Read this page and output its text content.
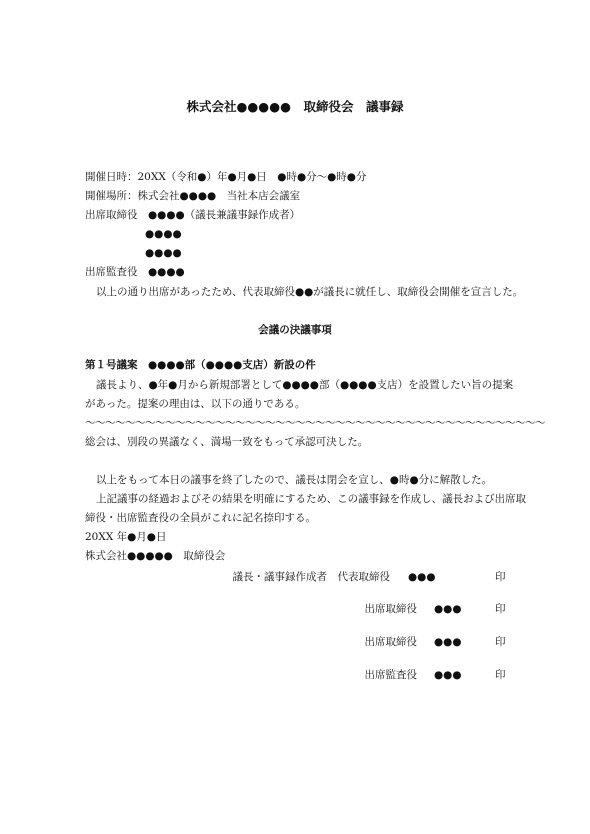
株式会社●●●●●　取締役会　議事録
開催日時：20XX（令和●）年●月●日　●時●分～●時●分
開催場所：株式会社●●●●　当社本店会議室
出席取締役　●●●●（議長兼議事録作成者）
●●●●
●●●●
出席監査役　●●●●
以上の通り出席があったため、代表取締役●●が議長に就任し、取締役会開催を宣言した。
会議の決議事項
第１号議案　●●●●部（●●●●支店）新設の件
議長より、●年●月から新規部署として●●●●部（●●●●支店）を設置したい旨の提案
があった。提案の理由は、以下の通りである。
～～～～～～～～～～～～～～～～～～～～～～～～～～～～～～～～～～～～～～～～～～～～～～
総会は、別段の異議なく、満場一致をもって承認可決した。
以上をもって本日の議事を終了したので、議長は閉会を宣し、●時●分に解散した。
上記議事の経過およびその結果を明確にするため、この議事録を作成し、議長および出席取
締役・出席監査役の全員がこれに記名捺印する。
20XX 年●月●日
株式会社●●●●●　取締役会
議長・議事録作成者　代表取締役 ●●●	印
出席取締役 ●●●	印
出席取締役 ●●●	印
出席監査役 ●●●	印
